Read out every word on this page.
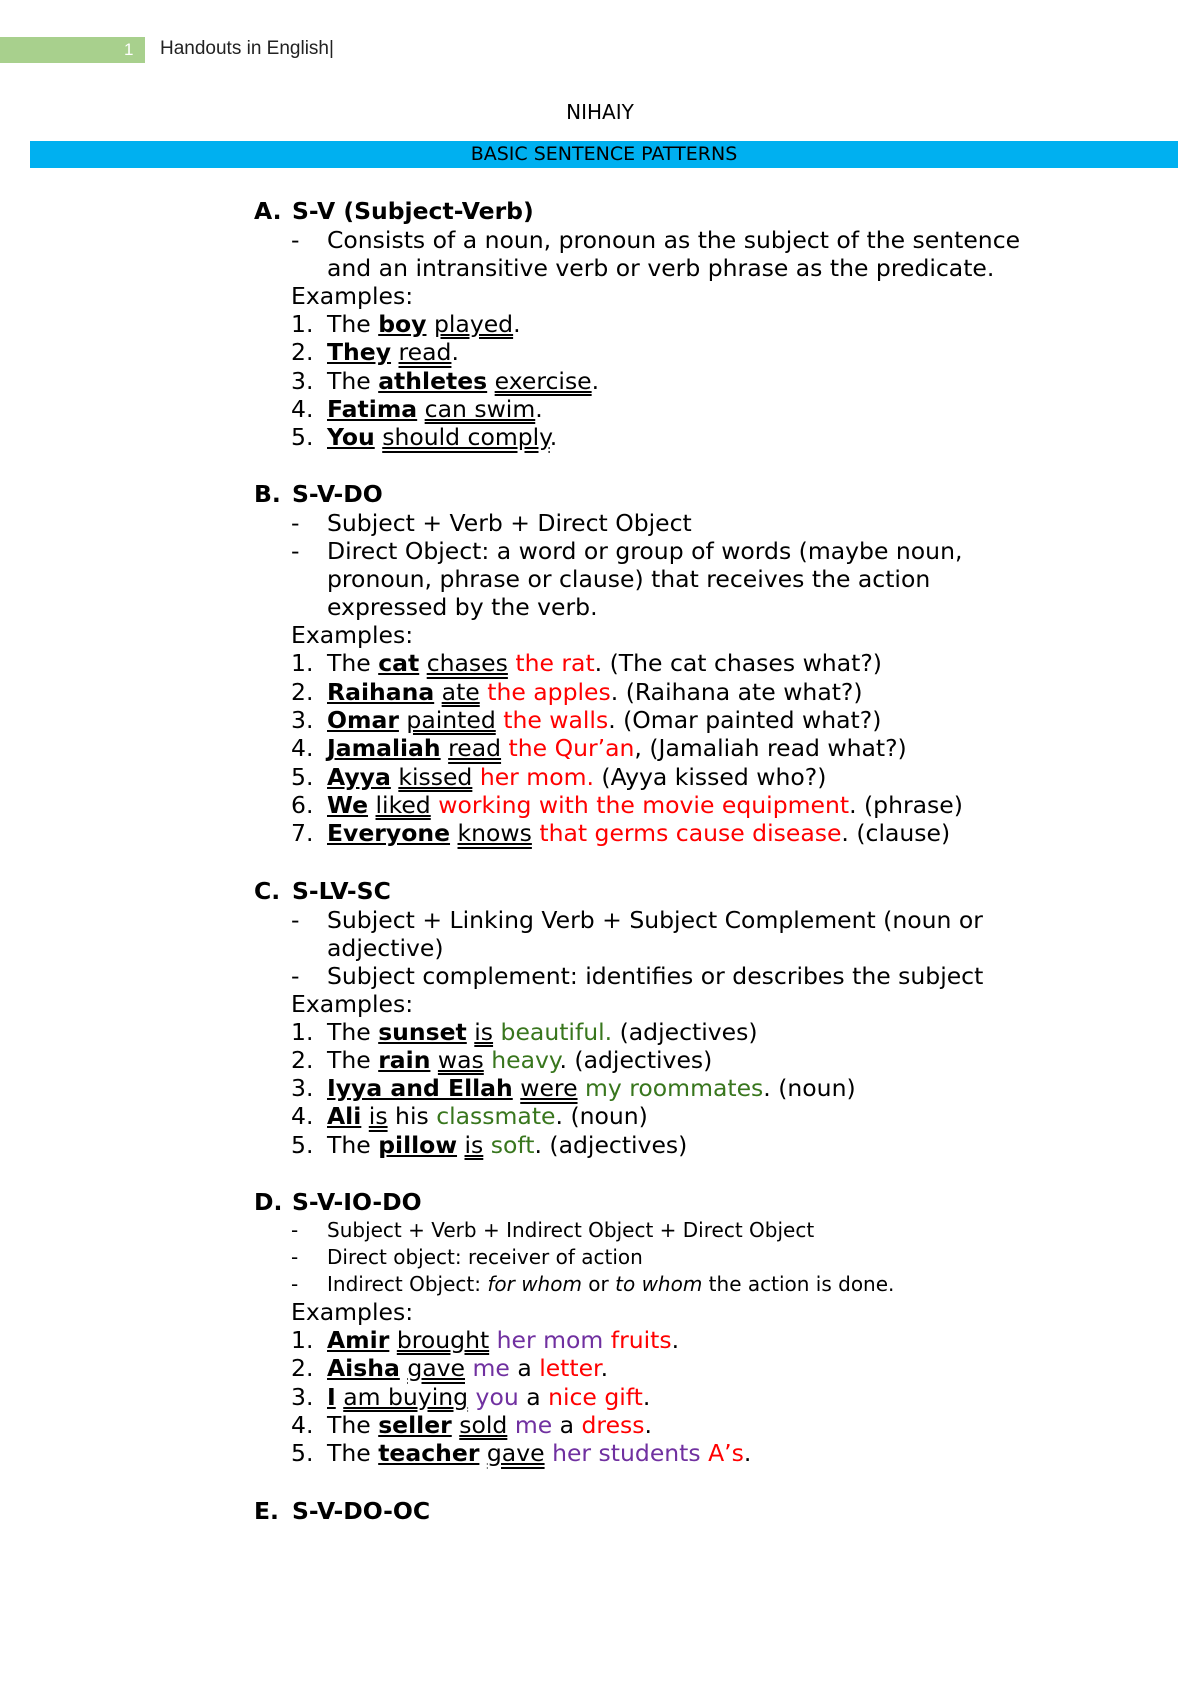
1 Handouts in English|
NIHAIY
BASIC SENTENCE PATTERNS
A. S-V (Subject-Verb)
- Consists of a noun, pronoun as the subject of the sentence
and an intransitive verb or verb phrase as the predicate.
Examples:
1. The boy played.
2. They read.
3. The athletes exercise.
4. Fatima can swim.
5. You should comply.
B. S-V-DO
- Subject + Verb + Direct Object
- Direct Object: a word or group of words (maybe noun,
pronoun, phrase or clause) that receives the action
expressed by the verb.
Examples:
1. The cat chases the rat. (The cat chases what?)
2. Raihana ate the apples. (Raihana ate what?)
3. Omar painted the walls. (Omar painted what?)
4. Jamaliah read the Qur’an, (Jamaliah read what?)
5. Ayya kissed her mom. (Ayya kissed who?)
6. We liked working with the movie equipment. (phrase)
7. Everyone knows that germs cause disease. (clause)
C. S-LV-SC
- Subject + Linking Verb + Subject Complement (noun or
adjective)
- Subject complement: identifies or describes the subject
Examples:
1. The sunset is beautiful. (adjectives)
2. The rain was heavy. (adjectives)
3. Iyya and Ellah were my roommates. (noun)
4. Ali is his classmate. (noun)
5. The pillow is soft. (adjectives)
D. S-V-IO-DO
- Subject + Verb + Indirect Object + Direct Object
- Direct object: receiver of action
- Indirect Object: for whom or to whom the action is done.
Examples:
1. Amir brought her mom fruits.
2. Aisha gave me a letter.
3. I am buying you a nice gift.
4. The seller sold me a dress.
5. The teacher gave her students A’s.
E. S-V-DO-OC
